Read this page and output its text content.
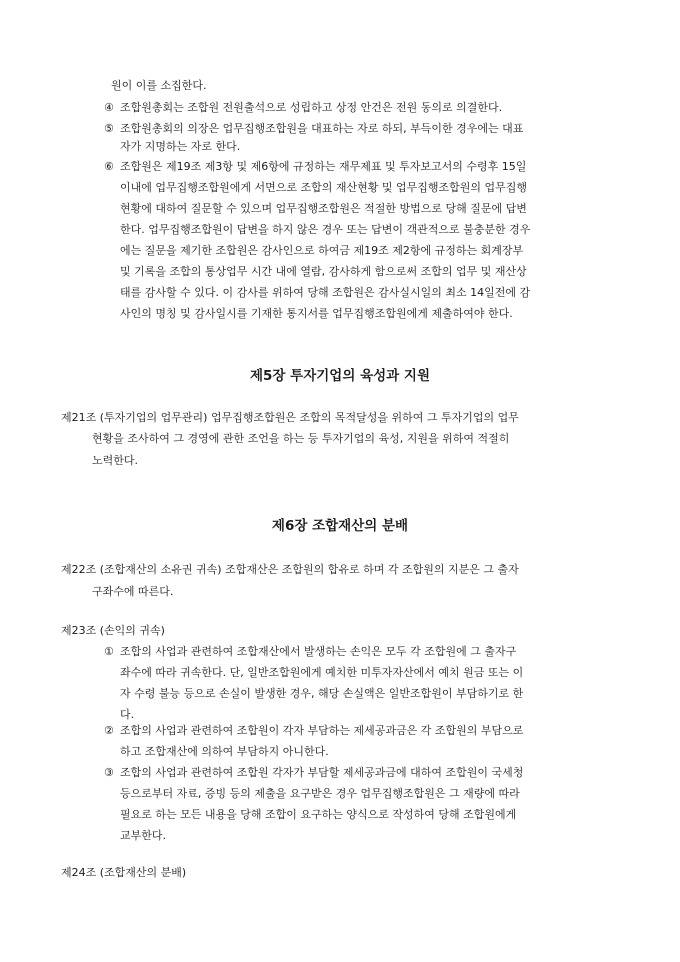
원이 이를 소집한다.
④ 조합원총회는 조합원 전원출석으로 성립하고 상정 안건은 전원 동의로 의결한다.
⑤ 조합원총회의 의장은 업무집행조합원을 대표하는 자로 하되, 부득이한 경우에는 대표
자가 지명하는 자로 한다.
⑥ 조합원은 제19조 제3항 및 제6항에 규정하는 재무제표 및 투자보고서의 수령후 15일
이내에 업무집행조합원에게 서면으로 조합의 재산현황 및 업무집행조합원의 업무집행
현황에 대하여 질문할 수 있으며 업무집행조합원은 적절한 방법으로 당해 질문에 답변
한다. 업무집행조합원이 답변을 하지 않은 경우 또는 답변이 객관적으로 불충분한 경우
에는 질문을 제기한 조합원은 감사인으로 하여금 제19조 제2항에 규정하는 회계장부
및 기록을 조합의 통상업무 시간 내에 열람, 감사하게 함으로써 조합의 업무 및 재산상
태를 감사할 수 있다. 이 감사를 위하여 당해 조합원은 감사실시일의 최소 14일전에 감
사인의 명칭 및 감사일시를 기재한 통지서를 업무집행조합원에게 제출하여야 한다.
제5장 투자기업의 육성과 지원
제21조 (투자기업의 업무관리) 업무집행조합원은 조합의 목적달성을 위하여 그 투자기업의 업무
현황을 조사하여 그 경영에 관한 조언을 하는 등 투자기업의 육성, 지원을 위하여 적절히
노력한다.
제6장 조합재산의 분배
제22조 (조합재산의 소유권 귀속) 조합재산은 조합원의 합유로 하며 각 조합원의 지분은 그 출자
구좌수에 따른다.
제23조 (손익의 귀속)
① 조합의 사업과 관련하여 조합재산에서 발생하는 손익은 모두 각 조합원에 그 출자구
좌수에 따라 귀속한다. 단, 일반조합원에게 예치한 미투자자산에서 예치 원금 또는 이
자 수령 불능 등으로 손실이 발생한 경우, 해당 손실액은 일반조합원이 부담하기로 한
다.
② 조합의 사업과 관련하여 조합원이 각자 부담하는 제세공과금은 각 조합원의 부담으로
하고 조합재산에 의하여 부담하지 아니한다.
③ 조합의 사업과 관련하여 조합원 각자가 부담할 제세공과금에 대하여 조합원이 국세청
등으로부터 자료, 증빙 등의 제출을 요구받은 경우 업무집행조합원은 그 재량에 따라
필요로 하는 모든 내용을 당해 조합이 요구하는 양식으로 작성하여 당해 조합원에게
교부한다.
제24조 (조합재산의 분배)
